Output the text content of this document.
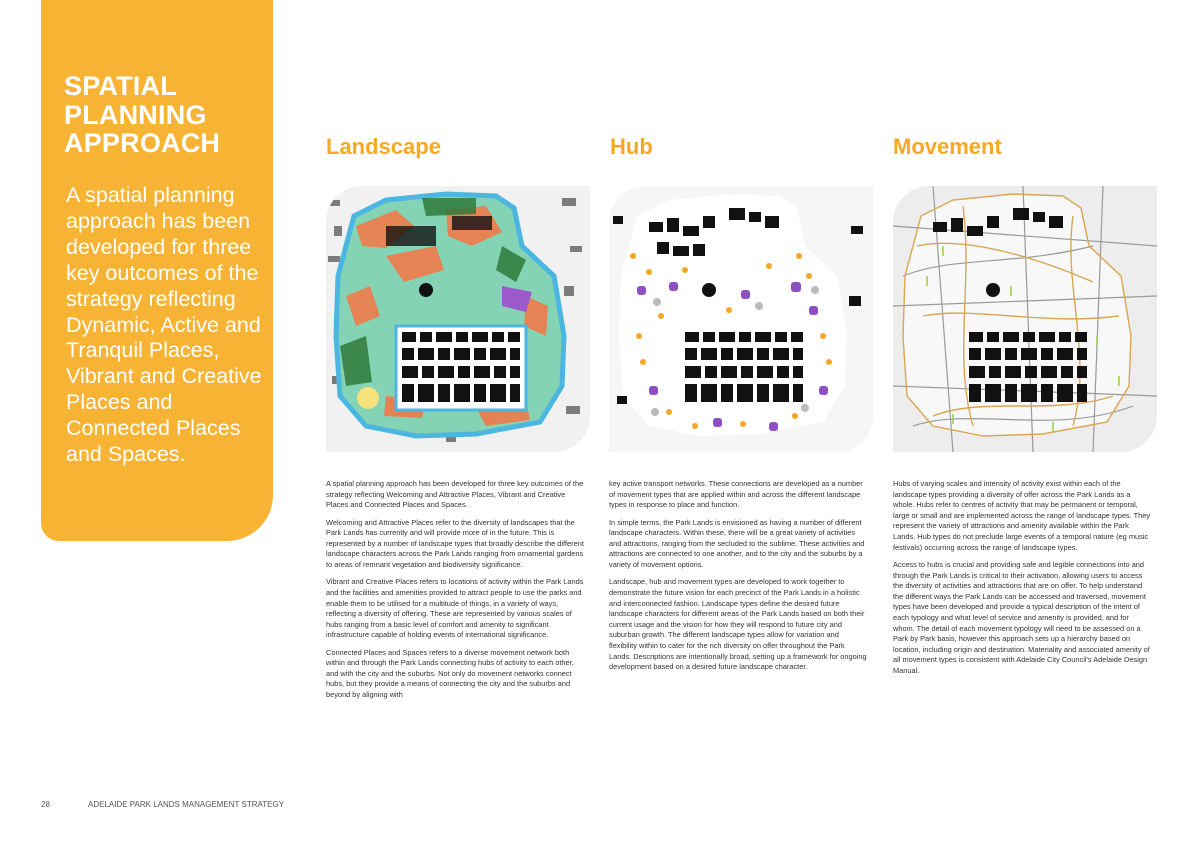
SPATIAL PLANNING APPROACH
A spatial planning approach has been developed for three key outcomes of the strategy reflecting Dynamic, Active and Tranquil Places, Vibrant and Creative Places and Connected Places and Spaces.
Landscape

A spatial planning approach has been developed for three key outcomes of the strategy reflecting Welcoming and Attractive Places, Vibrant and Creative Places and Connected Places and Spaces.

Welcoming and Attractive Places refer to the diversity of landscapes that the Park Lands has currently and will provide more of in the future. This is represented by a number of landscape types that broadly describe the different landscape characters across the Park Lands ranging from ornamental gardens to areas of remnant vegetation and biodiversity significance.

Vibrant and Creative Places refers to locations of activity within the Park Lands and the facilities and amenities provided to attract people to use the parks and enable them to be utilised for a multitude of things, in a variety of ways, reflecting a diversity of offering. These are represented by various scales of hubs ranging from a basic level of comfort and amenity to significant infrastructure capable of holding events of international significance.

Connected Places and Spaces refers to a diverse movement network both within and through the Park Lands connecting hubs of activity to each other, and with the city and the suburbs. Not only do movement networks connect hubs, but they provide a means of connecting the city and the suburbs and beyond by aligning with

Hub

key active transport networks. These connections are developed as a number of movement types that are applied within and across the different landscape types in response to place and function.

In simple terms, the Park Lands is envisioned as having a number of different landscape characters. Within these, there will be a great variety of activities and attractions, ranging from the secluded to the sublime. These activities and attractions are connected to one another, and to the city and the suburbs by a variety of movement options.

Landscape, hub and movement types are developed to work together to demonstrate the future vision for each precinct of the Park Lands in a holistic and interconnected fashion. Landscape types define the desired future landscape characters for different areas of the Park Lands based on both their current usage and the vision for how they will respond to future city and suburban growth. The different landscape types allow for variation and flexibility within to cater for the rich diversity on offer throughout the Park Lands. Descriptions are intentionally broad, setting up a framework for ongoing development based on a desired future landscape character.

Movement

Hubs of varying scales and intensity of activity exist within each of the landscape types providing a diversity of offer across the Park Lands as a whole. Hubs refer to centres of activity that may be permanent or temporal, large or small and are implemented across the range of landscape types. They represent the variety of attractions and amenity available within the Park Lands. Hub types do not preclude large events of a temporal nature (eg music festivals) occurring across the range of landscape types.

Access to hubs is crucial and providing safe and legible connections into and through the Park Lands is critical to their activation, allowing users to access the diversity of activities and attractions that are on offer. To help understand the different ways the Park Lands can be accessed and traversed, movement types have been developed and provide a typical description of the intent of each typology and what level of service and amenity is provided, and for whom. The detail of each movement typology will need to be assessed on a Park by Park basis, however this approach sets up a hierarchy based on location, including origin and destination. Materiality and associated amenity of all movement types is consistent with Adelaide City Council's Adelaide Design Manual.

28	ADELAIDE PARK LANDS MANAGEMENT STRATEGY
